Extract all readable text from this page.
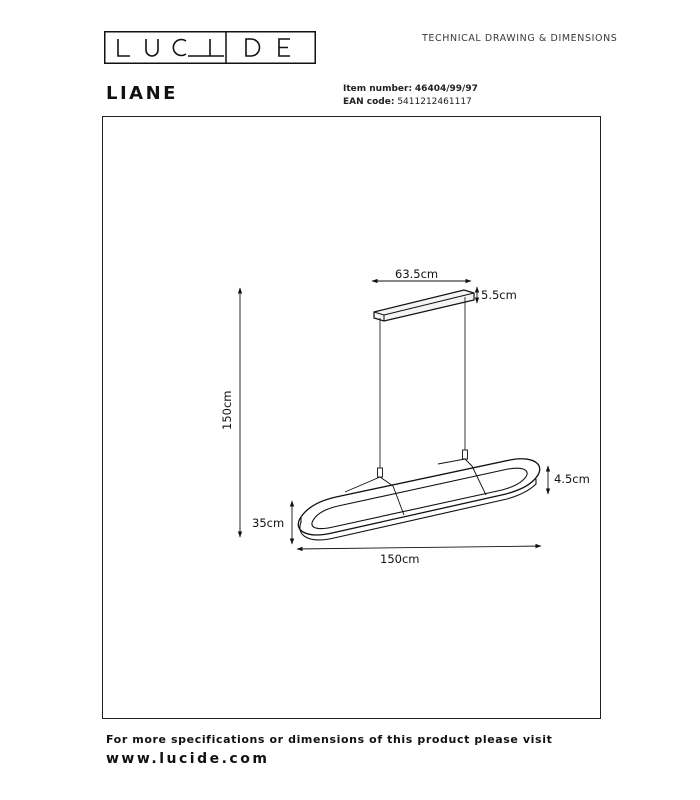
TECHNICAL DRAWING & DIMENSIONS
LIANE	Item number: 46404/99/97
EAN code: 5411212461117
63.5cm
5.5cm
150cm
35cm
4.5cm
150cm
For more specifications or dimensions of this product please visit
www.lucide.com
